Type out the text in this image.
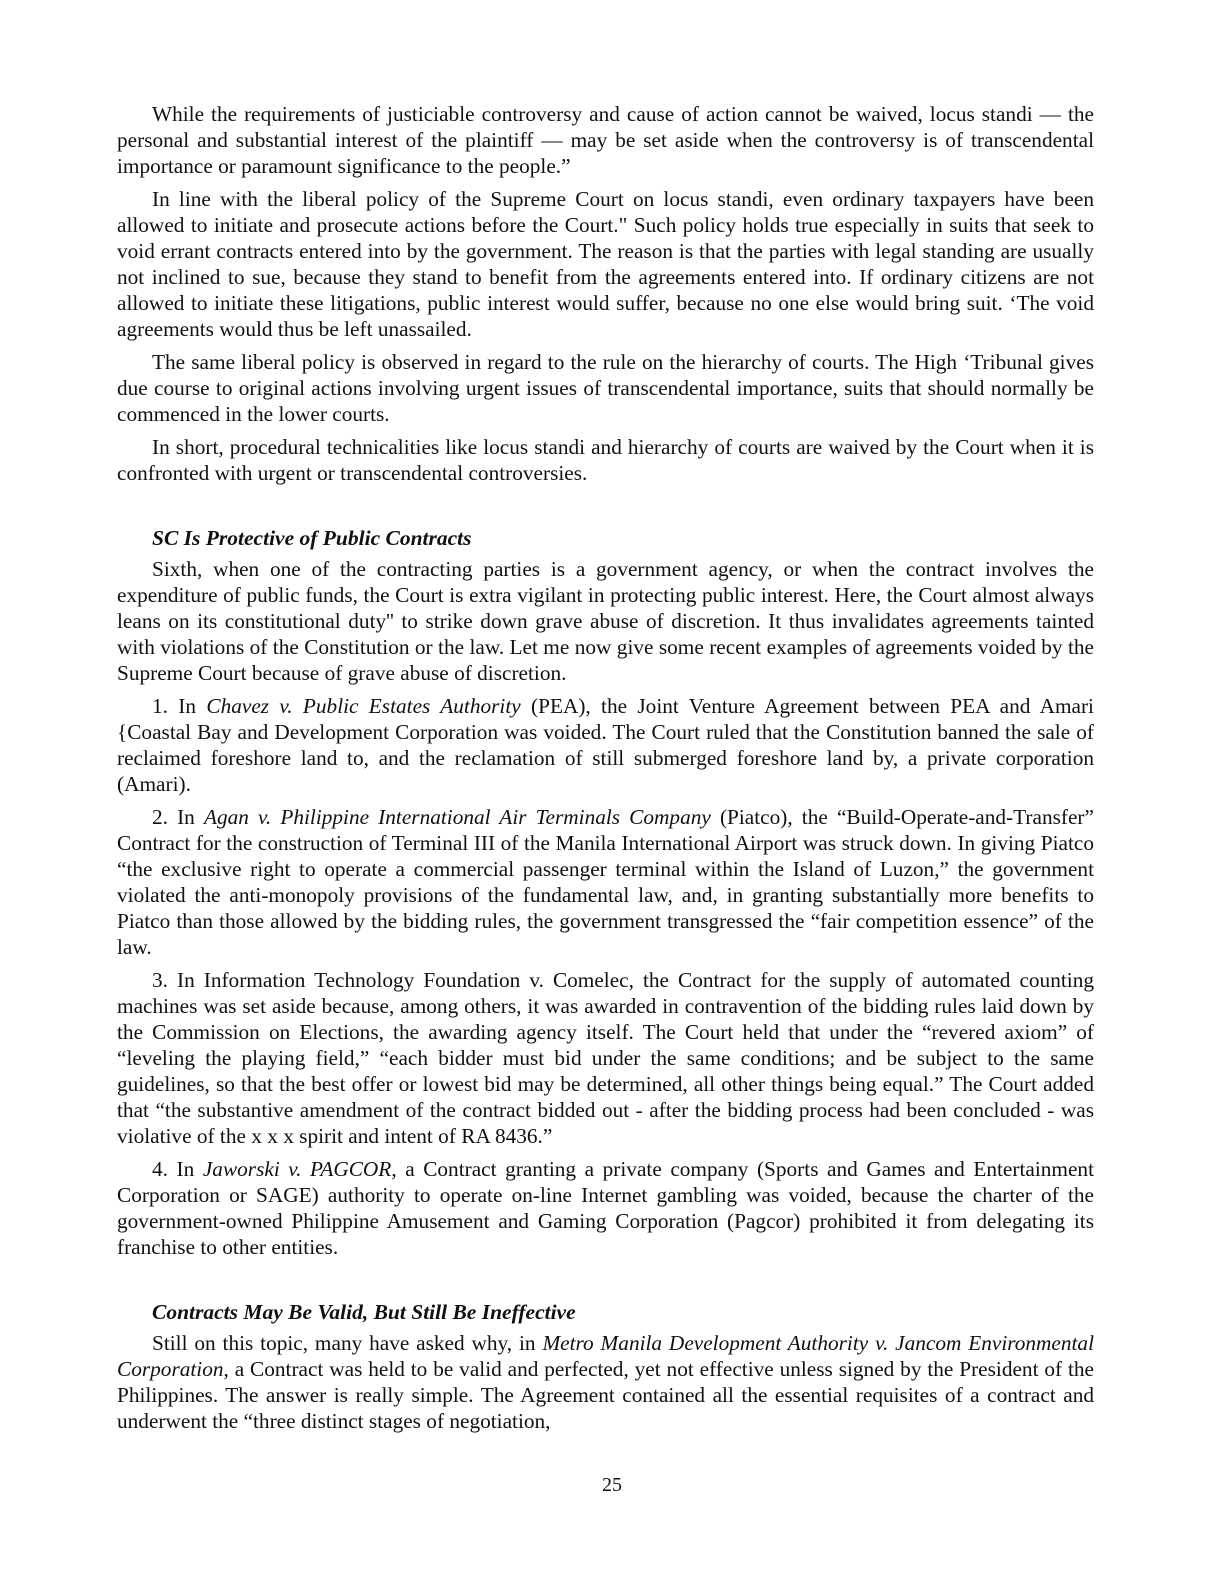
While the requirements of justiciable controversy and cause of action cannot be waived, locus standi — the personal and substantial interest of the plaintiff — may be set aside when the controversy is of transcendental importance or paramount significance to the people.”

In line with the liberal policy of the Supreme Court on locus standi, even ordinary taxpayers have been allowed to initiate and prosecute actions before the Court." Such policy holds true especially in suits that seek to void errant contracts entered into by the government. The reason is that the parties with legal standing are usually not inclined to sue, because they stand to benefit from the agreements entered into. If ordinary citizens are not allowed to initiate these litigations, public interest would suffer, because no one else would bring suit. ‘The void agreements would thus be left unassailed.

The same liberal policy is observed in regard to the rule on the hierarchy of courts. The High ‘Tribunal gives due course to original actions involving urgent issues of transcendental importance, suits that should normally be commenced in the lower courts.

In short, procedural technicalities like locus standi and hierarchy of courts are waived by the Court when it is confronted with urgent or transcendental controversies.

SC Is Protective of Public Contracts

Sixth, when one of the contracting parties is a government agency, or when the contract involves the expenditure of public funds, the Court is extra vigilant in protecting public interest. Here, the Court almost always leans on its constitutional duty'' to strike down grave abuse of discretion. It thus invalidates agreements tainted with violations of the Constitution or the law. Let me now give some recent examples of agreements voided by the Supreme Court because of grave abuse of discretion.

1. In Chavez v. Public Estates Authority (PEA), the Joint Venture Agreement between PEA and Amari {Coastal Bay and Development Corporation was voided. The Court ruled that the Constitution banned the sale of reclaimed foreshore land to, and the reclamation of still submerged foreshore land by, a private corporation (Amari).

2. In Agan v. Philippine International Air Terminals Company (Piatco), the “Build-Operate-and-Transfer” Contract for the construction of Terminal III of the Manila International Airport was struck down. In giving Piatco “the exclusive right to operate a commercial passenger terminal within the Island of Luzon,” the government violated the anti-monopoly provisions of the fundamental law, and, in granting substantially more benefits to Piatco than those allowed by the bidding rules, the government transgressed the “fair competition essence” of the law.

3. In Information Technology Foundation v. Comelec, the Contract for the supply of automated counting machines was set aside because, among others, it was awarded in contravention of the bidding rules laid down by the Commission on Elections, the awarding agency itself. The Court held that under the “revered axiom” of “leveling the playing field,” “each bidder must bid under the same conditions; and be subject to the same guidelines, so that the best offer or lowest bid may be determined, all other things being equal.” The Court added that “the substantive amendment of the contract bidded out - after the bidding process had been concluded - was violative of the x x x spirit and intent of RA 8436.”

4. In Jaworski v. PAGCOR, a Contract granting a private company (Sports and Games and Entertainment Corporation or SAGE) authority to operate on-line Internet gambling was voided, because the charter of the government-owned Philippine Amusement and Gaming Corporation (Pagcor) prohibited it from delegating its franchise to other entities.

Contracts May Be Valid, But Still Be Ineffective

Still on this topic, many have asked why, in Metro Manila Development Authority v. Jancom Environmental Corporation, a Contract was held to be valid and perfected, yet not effective unless signed by the President of the Philippines. The answer is really simple. The Agreement contained all the essential requisites of a contract and underwent the “three distinct stages of negotiation,

25
